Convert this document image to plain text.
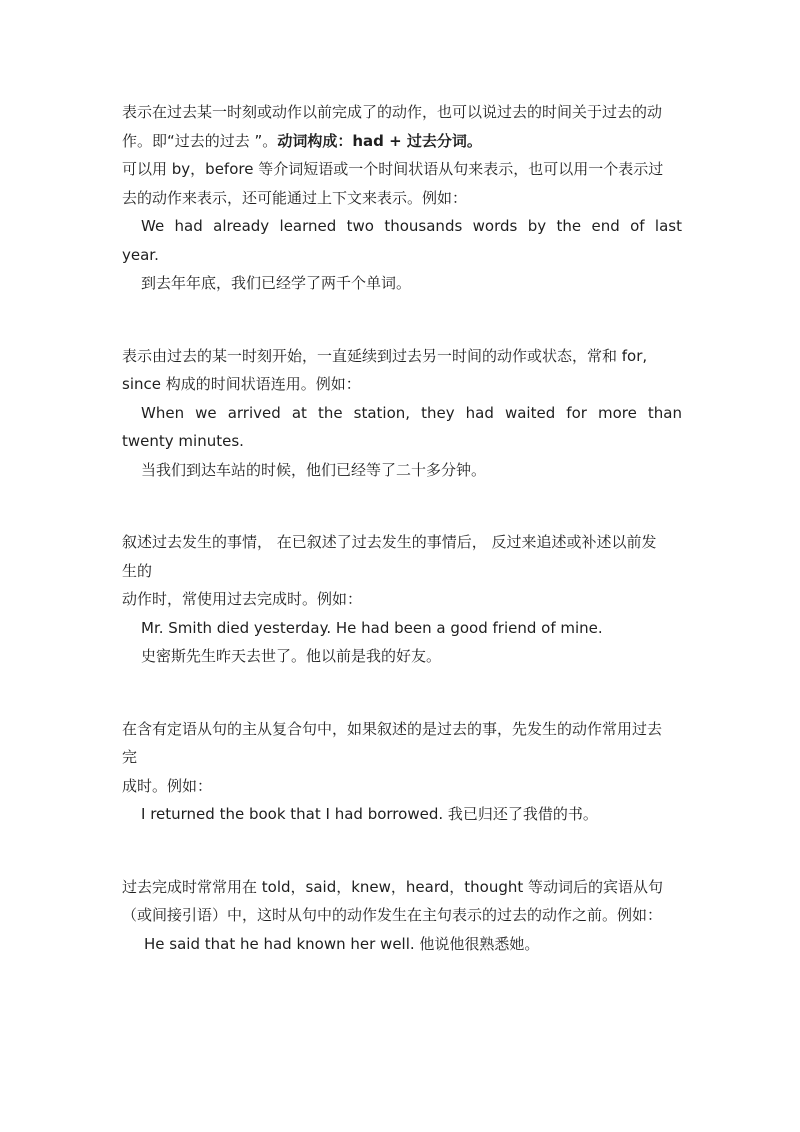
表示在过去某一时刻或动作以前完成了的动作，也可以说过去的时间关于过去的动
作。即“过去的过去 ”。动词构成：had + 过去分词。
可以用 by，before 等介词短语或一个时间状语从句来表示，也可以用一个表示过
去的动作来表示，还可能通过上下文来表示。例如：
We had already learned two thousands words by the end of last
year.
到去年年底，我们已经学了两千个单词。
表示由过去的某一时刻开始，一直延续到过去另一时间的动作或状态，常和 for,
since 构成的时间状语连用。例如：
When we arrived at the station, they had waited for more than
twenty minutes.
当我们到达车站的时候，他们已经等了二十多分钟。
叙述过去发生的事情， 在已叙述了过去发生的事情后， 反过来追述或补述以前发
生的
动作时，常使用过去完成时。例如：
Mr. Smith died yesterday. He had been a good friend of mine.
史密斯先生昨天去世了。他以前是我的好友。
在含有定语从句的主从复合句中，如果叙述的是过去的事，先发生的动作常用过去
完
成时。例如：
I returned the book that I had borrowed. 我已归还了我借的书。
过去完成时常常用在 told，said，knew，heard，thought 等动词后的宾语从句
（或间接引语）中，这时从句中的动作发生在主句表示的过去的动作之前。例如：
He said that he had known her well. 他说他很熟悉她。
